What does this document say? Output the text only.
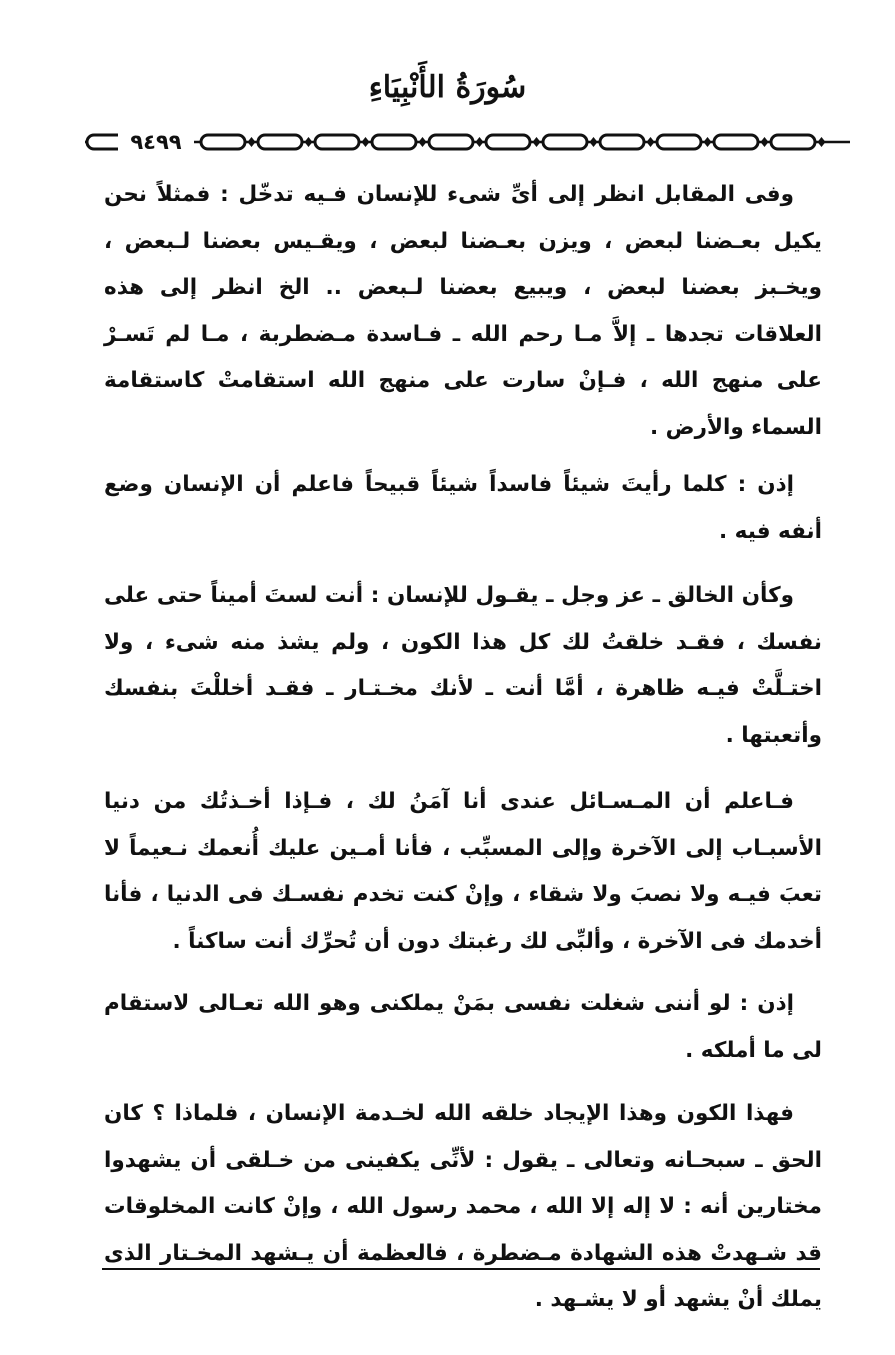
سُورَةُ الأَنْبِيَاءِ
٩٤٩٩

وفى المقابل انظر إلى أىِّ شىء للإنسان فـيه تدخّل : فمثلاً نحن يكيل بعـضنا لبعض ، ويزن بعـضنا لبعض ، ويقـيس بعضنا لـبعض ، ويخـبز بعضنا لبعض ، ويبيع بعضنا لـبعض .. الخ انظر إلى هذه العلاقات تجدها ـ إلاَّ مـا رحم الله ـ فـاسدة مـضطربة ، مـا لم تَسـرْ على منهج الله ، فـإنْ سارت على منهج الله استقامتْ كاستقامة السماء والأرض .

إذن : كلما رأيتَ شيئاً فاسداً شيئاً قبيحاً فاعلم أن الإنسان وضع أنفه فيه .

وكأن الخالق ـ عز وجل ـ يقـول للإنسان : أنت لستَ أميناً حتى على نفسك ، فقـد خلقتُ لك كل هذا الكون ، ولم يشذ منه شىء ، ولا اختـلَّتْ فيـه ظاهرة ، أمَّا أنت ـ لأنك مخـتـار ـ فقـد أخللْتَ بنفسك وأتعبتها .

فـاعلم أن المـسـائل عندى أنا آمَنُ لك ، فـإذا أخـذتُك من دنيا الأسبـاب إلى الآخرة وإلى المسبِّب ، فأنا أمـين عليك أُنعمك نـعيماً لا تعبَ فيـه ولا نصبَ ولا شقاء ، وإنْ كنت تخدم نفسـك فى الدنيا ، فأنا أخدمك فى الآخرة ، وألبِّى لك رغبتك دون أن تُحرِّك أنت ساكناً .

إذن : لو أننى شغلت نفسى بمَنْ يملكنى وهو الله تعـالى لاستقام لى ما أملكه .

فهذا الكون وهذا الإيجاد خلقه الله لخـدمة الإنسان ، فلماذا ؟ كان الحق ـ سبحـانه وتعالى ـ يقول : لأنِّى يكفينى من خـلقى أن يشهدوا مختارين أنه : لا إله إلا الله ، محمد رسول الله ، وإنْ كانت المخلوقات قد شـهدتْ هذه الشهادة مـضطرة ، فالعظمة أن يـشهد المخـتار الذى يملك أنْ يشهد أو لا يشـهد .
